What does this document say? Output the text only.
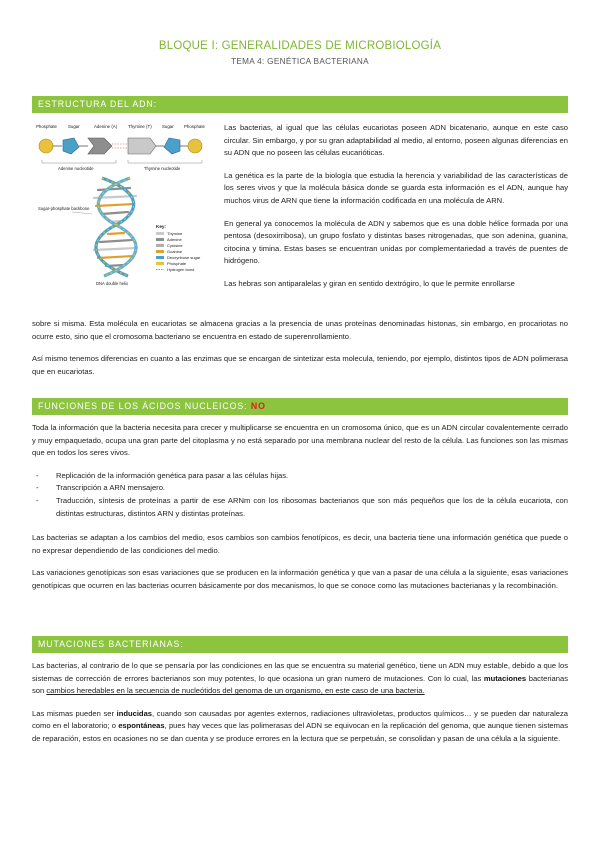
BLOQUE I: GENERALIDADES DE MICROBIOLOGÍA
TEMA 4: GENÉTICA BACTERIANA
ESTRUCTURA DEL ADN:
Phosphate	Sugar	Adenine (A) Thymine (T) Sugar Phosphate
Adenine nucleotide	Thymine nucleotide
Sugar-phosphate backbone
Key:
Thymine
Adenine
Cytosine
Guanine
Deoxyribose sugar
Phosphate
Hydrogen bond
DNA double helix

Las bacterias, al igual que las células eucariotas poseen ADN bicatenario, aunque en este caso circular. Sin embargo, y por su gran adaptabilidad al medio, al entorno, poseen algunas diferencias en su ADN que no poseen las células eucarióticas.

La genética es la parte de la biología que estudia la herencia y variabilidad de las características de los seres vivos y que la molécula básica donde se guarda esta información es el ADN, aunque hay muchos virus de ARN que tiene la información codificada en una molécula de ARN.

En general ya conocemos la molécula de ADN y sabemos que es una doble hélice formada por una pentosa (desoxirribosa), un grupo fosfato y distintas bases nitrogenadas, que son adenina, guanina, citocina y timina. Estas bases se encuentran unidas por complementariedad a través de puentes de hidrógeno.

Las hebras son antiparalelas y giran en sentido dextrógiro, lo que le permite enrollarse

sobre si misma. Esta molécula en eucariotas se almacena gracias a la presencia de unas proteínas denominadas histonas, sin embargo, en procariotas no ocurre esto, sino que el cromosoma bacteriano se encuentra en estado de superenrollamiento.

Así mismo tenemos diferencias en cuanto a las enzimas que se encargan de sintetizar esta molecula, teniendo, por ejemplo, distintos tipos de ADN polimerasa que en eucariotas.

FUNCIONES DE LOS ÁCIDOS NUCLEICOS: NO

Toda la información que la bacteria necesita para crecer y multiplicarse se encuentra en un cromosoma único, que es un ADN circular covalentemente cerrado y muy empaquetado, ocupa una gran parte del citoplasma y no está separado por una membrana nuclear del resto de la célula. Las funciones son las mismas que en todos los seres vivos.

- Replicación de la información genética para pasar a las células hijas.
- Transcripción a ARN mensajero.
- Traducción, síntesis de proteínas a partir de ese ARNm con los ribosomas bacterianos que son más pequeños que los de la célula eucariota, con distintas estructuras, distintos ARN y distintas proteínas.

Las bacterias se adaptan a los cambios del medio, esos cambios son cambios fenotípicos, es decir, una bacteria tiene una información genética que puede o no expresar dependiendo de las condiciones del medio.

Las variaciones genotípicas son esas variaciones que se producen en la información genética y que van a pasar de una célula a la siguiente, esas variaciones genotípicas que ocurren en las bacterias ocurren básicamente por dos mecanismos, lo que se conoce como las mutaciones bacterianas y la recombinación.

MUTACIONES BACTERIANAS:

Las bacterias, al contrario de lo que se pensaría por las condiciones en las que se encuentra su material genético, tiene un ADN muy estable, debido a que los sistemas de corrección de errores bacterianos son muy potentes, lo que ocasiona un gran numero de mutaciones. Con lo cual, las mutaciones bacterianas son cambios heredables en la secuencia de nucleótidos del genoma de un organismo, en este caso de una bacteria.

Las mismas pueden ser inducidas, cuando son causadas por agentes externos, radiaciones ultravioletas, productos químicos… y se pueden dar naturaleza como en el laboratorio; o espontáneas, pues hay veces que las polimerasas del ADN se equivocan en la replicación del genoma, que aunque tienen sistemas de reparación, estos en ocasiones no se dan cuenta y se produce errores en la lectura que se perpetuán, se consolidan y pasan de una célula a la siguiente.
